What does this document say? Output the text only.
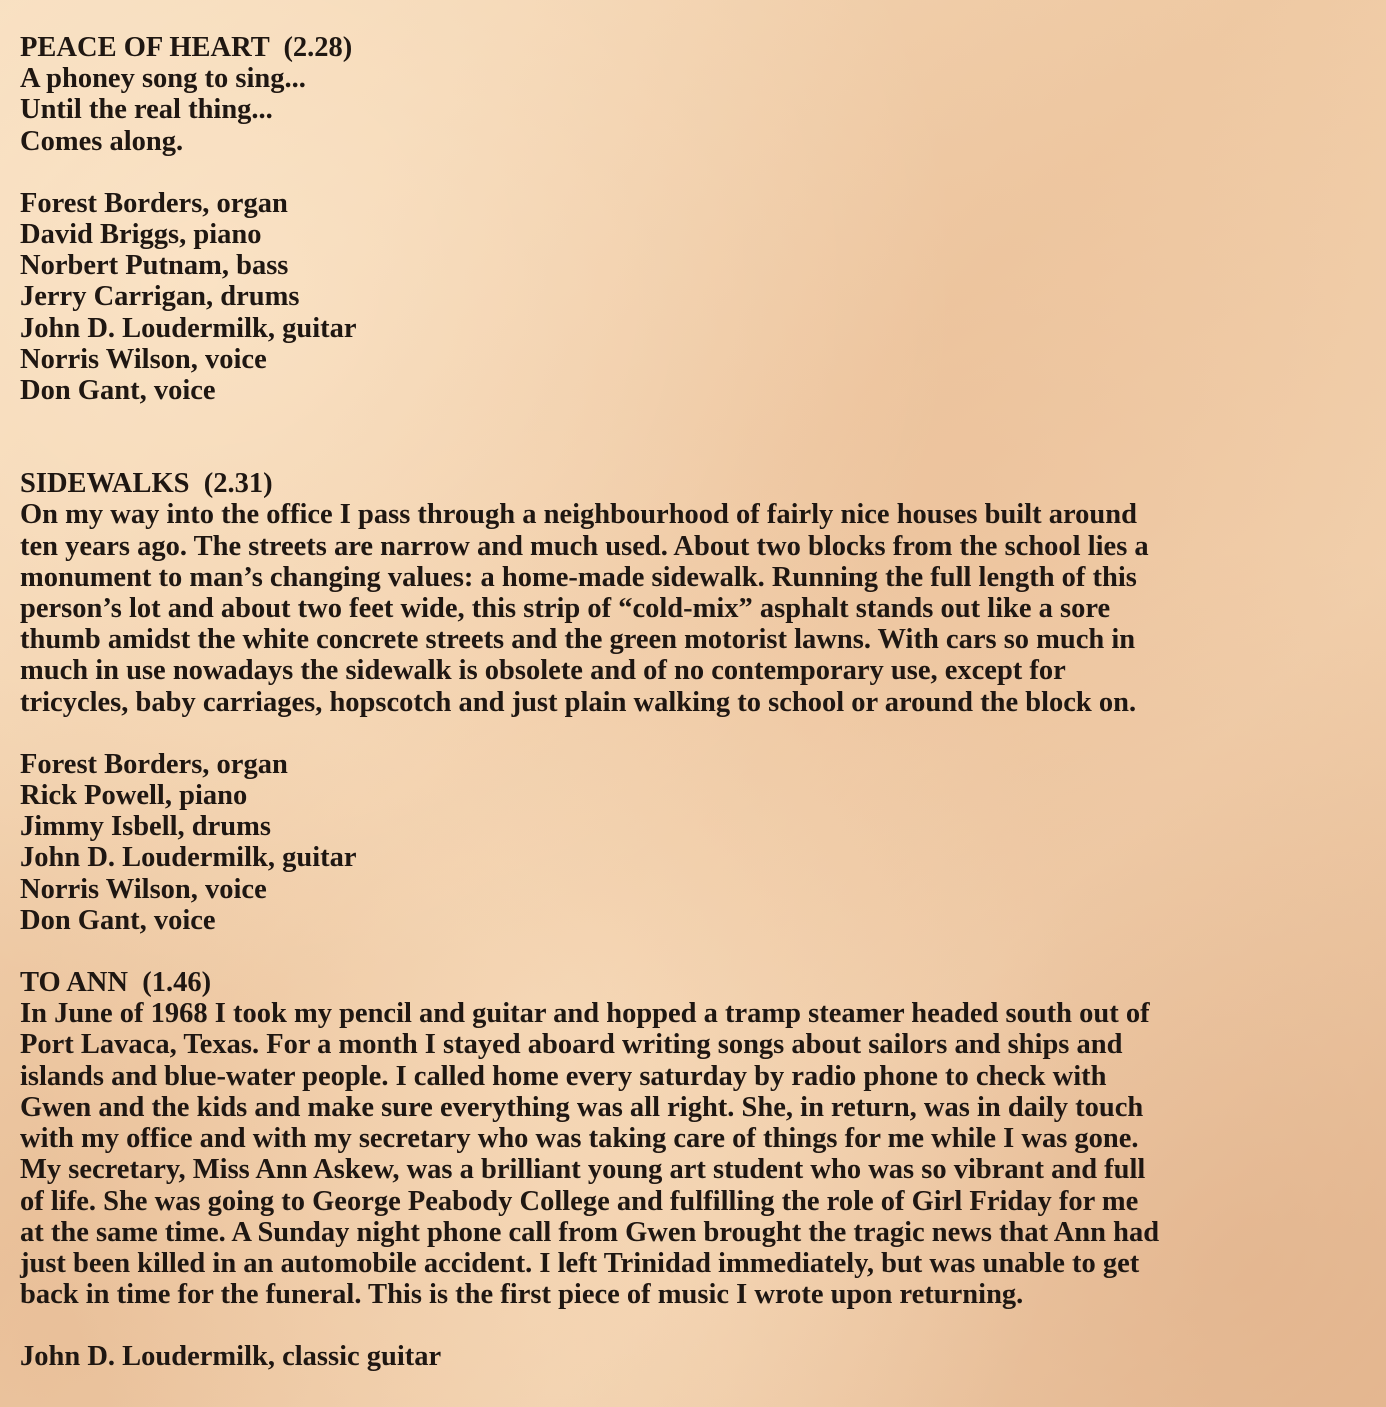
PEACE OF HEART  (2.28)
A phoney song to sing...
Until the real thing...
Comes along.
Forest Borders, organ
David Briggs, piano
Norbert Putnam, bass
Jerry Carrigan, drums
John D. Loudermilk, guitar
Norris Wilson, voice
Don Gant, voice
SIDEWALKS  (2.31)
On my way into the office I pass through a neighbourhood of fairly nice houses built around
ten years ago. The streets are narrow and much used. About two blocks from the school lies a
monument to man’s changing values: a home-made sidewalk. Running the full length of this
person’s lot and about two feet wide, this strip of “cold-mix” asphalt stands out like a sore
thumb amidst the white concrete streets and the green motorist lawns. With cars so much in
much in use nowadays the sidewalk is obsolete and of no contemporary use, except for
tricycles, baby carriages, hopscotch and just plain walking to school or around the block on.
Forest Borders, organ
Rick Powell, piano
Jimmy Isbell, drums
John D. Loudermilk, guitar
Norris Wilson, voice
Don Gant, voice
TO ANN  (1.46)
In June of 1968 I took my pencil and guitar and hopped a tramp steamer headed south out of
Port Lavaca, Texas. For a month I stayed aboard writing songs about sailors and ships and
islands and blue-water people. I called home every saturday by radio phone to check with
Gwen and the kids and make sure everything was all right. She, in return, was in daily touch
with my office and with my secretary who was taking care of things for me while I was gone.
My secretary, Miss Ann Askew, was a brilliant young art student who was so vibrant and full
of life. She was going to George Peabody College and fulfilling the role of Girl Friday for me
at the same time. A Sunday night phone call from Gwen brought the tragic news that Ann had
just been killed in an automobile accident. I left Trinidad immediately, but was unable to get
back in time for the funeral. This is the first piece of music I wrote upon returning.
John D. Loudermilk, classic guitar
